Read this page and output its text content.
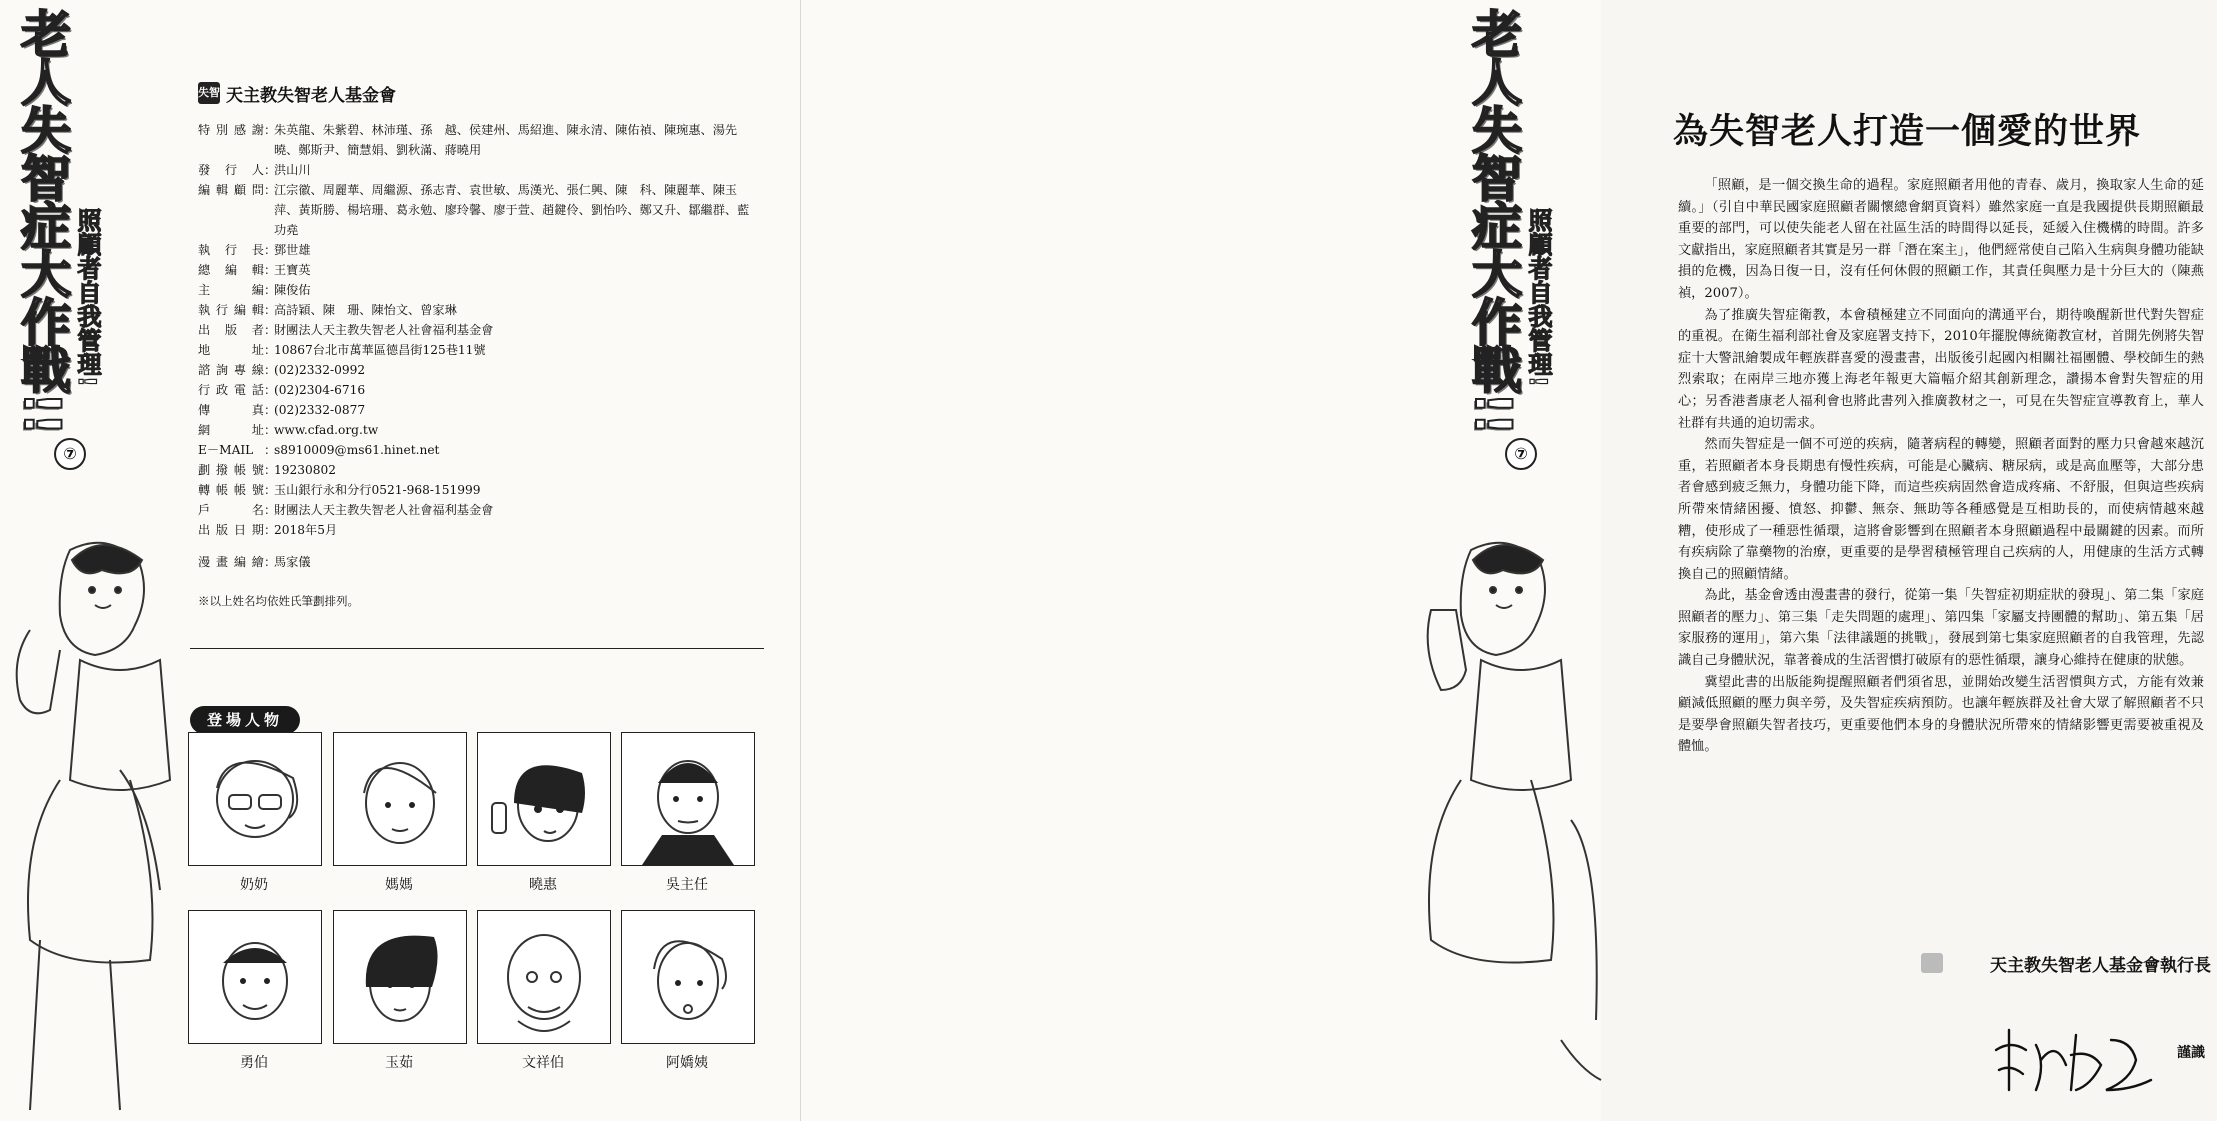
老人失智症大作戰!! 照顧者自我管理!
⑦
失智 天主教失智老人基金會
特別感謝 ：
朱英龍、朱紫碧、林沛瑾、孫　越、侯建州、馬紹進、陳永清、陳佑禎、陳琬惠、湯先曉、鄭斯尹、簡慧娟、劉秋滿、蔣曉用
發行人 ：
洪山川
編輯顧問 ：
江宗徽、周麗華、周繼源、孫志青、袁世敏、馬漢光、張仁興、陳　科、陳麗華、陳玉萍、黃斯勝、楊培珊、葛永勉、廖玲馨、廖于萱、趙鍵伶、劉怡吟、鄭又升、鄒繼群、藍功堯
執行長 ：
鄧世雄
總編輯 ：
王寶英
主　編 ：
陳俊佑
執行編輯 ：
高詩穎、陳　珊、陳怡文、曾家琳
出版者 ：
財團法人天主教失智老人社會福利基金會
地　址 ：
10867台北市萬華區德昌街125巷11號
諮詢專線 ：
(02)2332-0992
行政電話 ：
(02)2304-6716
傳　真 ：
(02)2332-0877
網　址 ：
www.cfad.org.tw
E－MAIL ：
s8910009@ms61.hinet.net
劃撥帳號 ：
19230802
轉帳帳號 ：
玉山銀行永和分行0521-968-151999
戶　名 ：
財團法人天主教失智老人社會福利基金會
出版日期 ：
2018年5月
漫畫編繪 ：
馬家儀
※以上姓名均依姓氏筆劃排列。
登場人物
奶奶	媽媽	曉惠	吳主任
勇伯	玉茹	文祥伯	阿嬌姨
為失智老人打造一個愛的世界

「照顧，是一個交換生命的過程。家庭照顧者用他的青春、歲月，換取家人生命的延續。」（引自中華民國家庭照顧者關懷總會網頁資料）雖然家庭一直是我國提供長期照顧最重要的部門，可以使失能老人留在社區生活的時間得以延長，延緩入住機構的時間。許多文獻指出，家庭照顧者其實是另一群「潛在案主」，他們經常使自己陷入生病與身體功能缺損的危機，因為日復一日，沒有任何休假的照顧工作，其責任與壓力是十分巨大的（陳燕禎，2007）。

為了推廣失智症衛教，本會積極建立不同面向的溝通平台，期待喚醒新世代對失智症的重視。在衛生福利部社會及家庭署支持下，2010年擺脫傳統衛教宣材，首開先例將失智症十大警訊繪製成年輕族群喜愛的漫畫書，出版後引起國內相關社福團體、學校師生的熱烈索取；在兩岸三地亦獲上海老年報更大篇幅介紹其創新理念，讚揚本會對失智症的用心；另香港耆康老人福利會也將此書列入推廣教材之一，可見在失智症宣導教育上，華人社群有共通的迫切需求。

然而失智症是一個不可逆的疾病，隨著病程的轉變，照顧者面對的壓力只會越來越沉重，若照顧者本身長期患有慢性疾病，可能是心臟病、糖尿病，或是高血壓等，大部分患者會感到疲乏無力，身體功能下降，而這些疾病固然會造成疼痛、不舒服，但與這些疾病所帶來情緒困擾、憤怒、抑鬱、無奈、無助等各種感覺是互相助長的，而使病情越來越糟，使形成了一種惡性循環，這將會影響到在照顧者本身照顧過程中最關鍵的因素。而所有疾病除了靠藥物的治療，更重要的是學習積極管理自己疾病的人，用健康的生活方式轉換自己的照顧情緒。

為此，基金會透由漫畫書的發行，從第一集「失智症初期症狀的發現」、第二集「家庭照顧者的壓力」、第三集「走失問題的處理」、第四集「家屬支持團體的幫助」、第五集「居家服務的運用」，第六集「法律議題的挑戰」，發展到第七集家庭照顧者的自我管理，先認識自己身體狀況，靠著養成的生活習慣打破原有的惡性循環，讓身心維持在健康的狀態。

冀望此書的出版能夠提醒照顧者們須省思，並開始改變生活習慣與方式，方能有效兼顧減低照顧的壓力與辛勞，及失智症疾病預防。也讓年輕族群及社會大眾了解照顧者不只是要學會照顧失智者技巧，更重要他們本身的身體狀況所帶來的情緒影響更需要被重視及體恤。

天主教失智老人基金會執行長
謹識
老人失智症大作戰!! 照顧者自我管理!
⑦
